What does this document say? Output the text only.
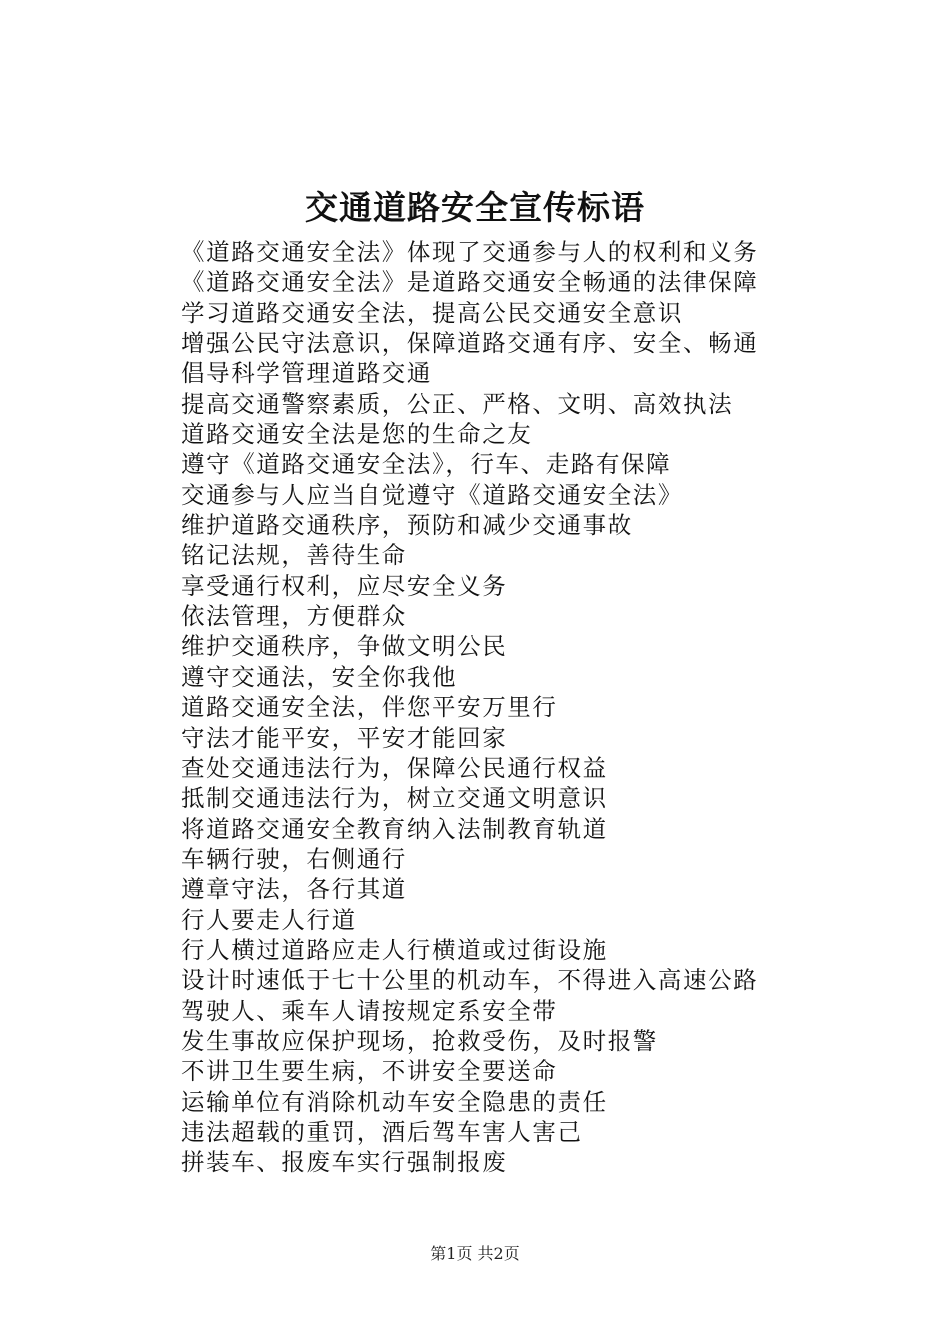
交通道路安全宣传标语
《道路交通安全法》体现了交通参与人的权利和义务
《道路交通安全法》是道路交通安全畅通的法律保障
学习道路交通安全法，提高公民交通安全意识
增强公民守法意识，保障道路交通有序、安全、畅通
倡导科学管理道路交通
提高交通警察素质，公正、严格、文明、高效执法
道路交通安全法是您的生命之友
遵守《道路交通安全法》，行车、走路有保障
交通参与人应当自觉遵守《道路交通安全法》
维护道路交通秩序，预防和减少交通事故
铭记法规，善待生命
享受通行权利，应尽安全义务
依法管理，方便群众
维护交通秩序，争做文明公民
遵守交通法，安全你我他
道路交通安全法，伴您平安万里行
守法才能平安，平安才能回家
查处交通违法行为，保障公民通行权益
抵制交通违法行为，树立交通文明意识
将道路交通安全教育纳入法制教育轨道
车辆行驶，右侧通行
遵章守法，各行其道
行人要走人行道
行人横过道路应走人行横道或过街设施
设计时速低于七十公里的机动车，不得进入高速公路
驾驶人、乘车人请按规定系安全带
发生事故应保护现场，抢救受伤，及时报警
不讲卫生要生病，不讲安全要送命
运输单位有消除机动车安全隐患的责任
违法超载的重罚，酒后驾车害人害己
拼装车、报废车实行强制报废
第1页 共2页
